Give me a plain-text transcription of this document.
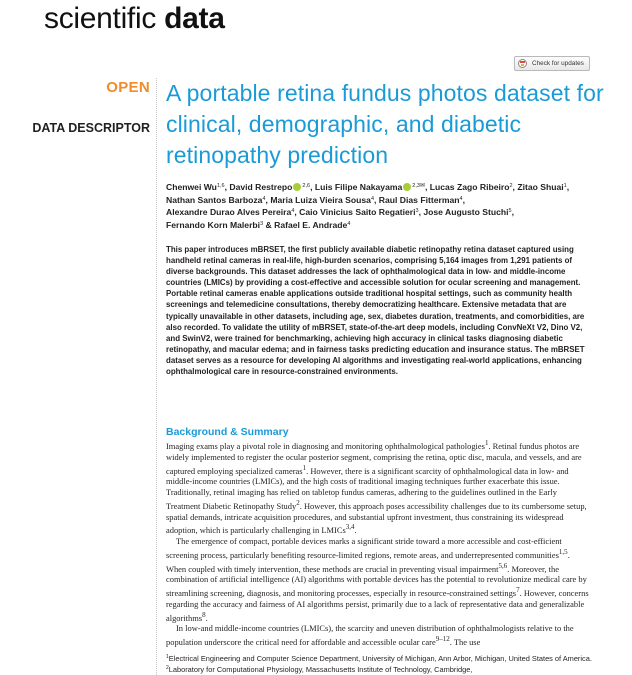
scientific data
Check for updates
OPEN
DATA DESCRIPTOR
A portable retina fundus photos dataset for clinical, demographic, and diabetic retinopathy prediction
Chenwei Wu$^{1,6}$, David Restrepo $^{2,6}$, Luis Filipe Nakayama $^{2,3✉}$, Lucas Zago Ribeiro$^2$, Zitao Shuai$^1$, Nathan Santos Barboza$^4$, Maria Luiza Vieira Sousa$^4$, Raul Dias Fitterman$^4$, Alexandre Durao Alves Pereira$^4$, Caio Vinicius Saito Regatieri$^3$, Jose Augusto Stuchi$^5$, Fernando Korn Malerbi$^3$ & Rafael E. Andrade$^4$

This paper introduces mBRSET, the first publicly available diabetic retinopathy retina dataset captured using handheld retinal cameras in real-life, high-burden scenarios, comprising 5,164 images from 1,291 patients of diverse backgrounds. This dataset addresses the lack of ophthalmological data in low- and middle-income countries (LMICs) by providing a cost-effective and accessible solution for ocular screening and management. Portable retinal cameras enable applications outside traditional hospital settings, such as community health screenings and telemedicine consultations, thereby democratizing healthcare. Extensive metadata that are typically unavailable in other datasets, including age, sex, diabetes duration, treatments, and comorbidities, are also recorded. To validate the utility of mBRSET, state-of-the-art deep models, including ConvNeXt V2, Dino V2, and SwinV2, were trained for benchmarking, achieving high accuracy in clinical tasks diagnosing diabetic retinopathy, and macular edema; and in fairness tasks predicting education and insurance status. The mBRSET dataset serves as a resource for developing AI algorithms and investigating real-world applications, enhancing ophthalmological care in resource-constrained environments.

Background & Summary

Imaging exams play a pivotal role in diagnosing and monitoring ophthalmological pathologies$^1$. Retinal fundus photos are widely implemented to register the ocular posterior segment, comprising the retina, optic disc, macula, and vessels, and are captured employing specialized cameras$^1$. However, there is a significant scarcity of ophthalmological data in low- and middle-income countries (LMICs), and the high costs of traditional imaging techniques further exacerbate this issue. Traditionally, retinal imaging has relied on tabletop fundus cameras, adhering to the guidelines outlined in the Early Treatment Diabetic Retinopathy Study$^2$. However, this approach poses accessibility challenges due to its cumbersome setup, spatial demands, intricate acquisition procedures, and substantial upfront investment, thus constraining its widespread adoption, which is particularly challenging in LMICs$^{3,4}$.

The emergence of compact, portable devices marks a significant stride toward a more accessible and cost-efficient screening process, particularly benefiting resource-limited regions, remote areas, and underrepresented communities$^{1,5}$. When coupled with timely intervention, these methods are crucial in preventing visual impairment$^{5,6}$. Moreover, the combination of artificial intelligence (AI) algorithms with portable devices has the potential to revolutionize medical care by streamlining screening, diagnosis, and monitoring processes, especially in resource-constrained settings$^7$. However, concerns regarding the accuracy and fairness of AI algorithms persist, primarily due to a lack of representative data and generalizable algorithms$^8$.

In low-and middle-income countries (LMICs), the scarcity and uneven distribution of ophthalmologists relative to the population underscore the critical need for affordable and accessible ocular care$^{9-12}$. The use

$^1$Electrical Engineering and Computer Science Department, University of Michigan, Ann Arbor, Michigan, United States of America. $^2$Laboratory for Computational Physiology, Massachusetts Institute of Technology, Cambridge,
